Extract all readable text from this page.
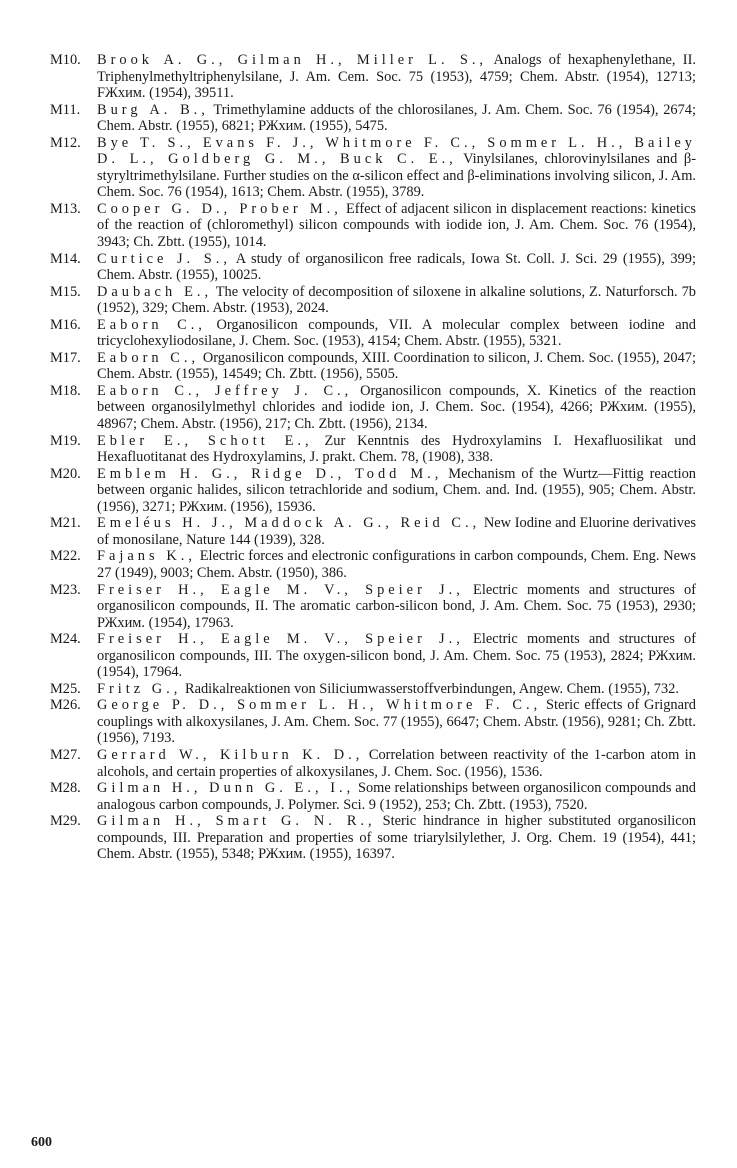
M10.	Brook A. G., Gilman H., Miller L. S., Analogs of hexaphenylethane, II. Triphenylmethyltriphenylsilane, J. Am. Cem. Soc. 75 (1953), 4759; Chem. Abstr. (1954), 12713; FЖхим. (1954), 39511.

M11.	Burg A. B., Trimethylamine adducts of the chlorosilanes, J. Am. Chem. Soc. 76 (1954), 2674; Chem. Abstr. (1955), 6821; РЖхим. (1955), 5475.

M12.	Bye T. S., Evans F. J., Whitmore F. C., Sommer L. H., Bailey D. L., Goldberg G. M., Buck C. E., Vinylsilanes, chlorovinylsilanes and β-styryltrimethylsilane. Further studies on the α-silicon effect and β-eliminations involving silicon, J. Am. Chem. Soc. 76 (1954), 1613; Chem. Abstr. (1955), 3789.

M13.	Cooper G. D., Prober M., Effect of adjacent silicon in displacement reactions: kinetics of the reaction of (chloromethyl) silicon compounds with iodide ion, J. Am. Chem. Soc. 76 (1954), 3943; Ch. Zbtt. (1955), 1014.

M14.	Curtice J. S., A study of organosilicon free radicals, Iowa St. Coll. J. Sci. 29 (1955), 399; Chem. Abstr. (1955), 10025.

M15.	Daubach E., The velocity of decomposition of siloxene in alkaline solutions, Z. Naturforsch. 7b (1952), 329; Chem. Abstr. (1953), 2024.

M16.	Eaborn C., Organosilicon compounds, VII. A molecular complex between iodine and tricyclohexyliodosilane, J. Chem. Soc. (1953), 4154; Chem. Abstr. (1955), 5321.

M17.	Eaborn C., Organosilicon compounds, XIII. Coordination to silicon, J. Chem. Soc. (1955), 2047; Chem. Abstr. (1955), 14549; Ch. Zbtt. (1956), 5505.

M18.	Eaborn C., Jeffrey J. C., Organosilicon compounds, X. Kinetics of the reaction between organosilylmethyl chlorides and iodide ion, J. Chem. Soc. (1954), 4266; РЖхим. (1955), 48967; Chem. Abstr. (1956), 217; Ch. Zbtt. (1956), 2134.

M19.	Ebler E., Schott E., Zur Kenntnis des Hydroxylamins I. Hexafluosilikat und Hexafluotitanat des Hydroxylamins, J. prakt. Chem. 78, (1908), 338.

M20.	Emblem H. G., Ridge D., Todd M., Mechanism of the Wurtz—Fittig reaction between organic halides, silicon tetrachloride and sodium, Chem. and. Ind. (1955), 905; Chem. Abstr. (1956), 3271; РЖхим. (1956), 15936.

M21.	Emeléus H. J., Maddock A. G., Reid C., New Iodine and Eluorine derivatives of monosilane, Nature 144 (1939), 328.

M22.	Fajans K., Electric forces and electronic configurations in carbon compounds, Chem. Eng. News 27 (1949), 9003; Chem. Abstr. (1950), 386.

M23.	Freiser H., Eagle M. V., Speier J., Electric moments and structures of organosilicon compounds, II. The aromatic carbon-silicon bond, J. Am. Chem. Soc. 75 (1953), 2930; РЖхим. (1954), 17963.

M24.	Freiser H., Eagle M. V., Speier J., Electric moments and structures of organosilicon compounds, III. The oxygen-silicon bond, J. Am. Chem. Soc. 75 (1953), 2824; РЖхим. (1954), 17964.

M25.	Fritz G., Radikalreaktionen von Siliciumwasserstoffverbindungen, Angew. Chem. (1955), 732.

M26.	George P. D., Sommer L. H., Whitmore F. C., Steric effects of Grignard couplings with alkoxysilanes, J. Am. Chem. Soc. 77 (1955), 6647; Chem. Abstr. (1956), 9281; Ch. Zbtt. (1956), 7193.

M27.	Gerrard W., Kilburn K. D., Correlation between reactivity of the 1-carbon atom in alcohols, and certain properties of alkoxysilanes, J. Chem. Soc. (1956), 1536.

M28.	Gilman H., Dunn G. E., I., Some relationships between organosilicon compounds and analogous carbon compounds, J. Polymer. Sci. 9 (1952), 253; Ch. Zbtt. (1953), 7520.

M29.	Gilman H., Smart G. N. R., Steric hindrance in higher substituted organosilicon compounds, III. Preparation and properties of some triarylsilylether, J. Org. Chem. 19 (1954), 441; Chem. Abstr. (1955), 5348; РЖхим. (1955), 16397.

600
